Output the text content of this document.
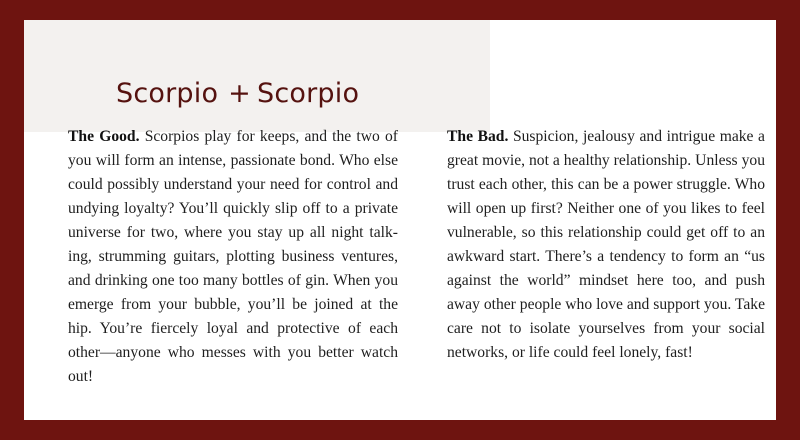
Scorpio + Scorpio
The Good. Scorpios play for keeps, and the two of you will form an intense, passionate bond. Who else could possibly understand your need for control and undying loyalty? You’ll quickly slip off to a private universe for two, where you stay up all night talking, strumming guitars, plotting business ventures, and drinking one too many bottles of gin. When you emerge from your bubble, you’ll be joined at the hip. You’re fiercely loyal and protective of each other—anyone who messes with you better watch out!
The Bad. Suspicion, jealousy and intrigue make a great movie, not a healthy relationship. Unless you trust each other, this can be a power struggle. Who will open up first? Neither one of you likes to feel vulnerable, so this relationship could get off to an awkward start. There’s a tendency to form an “us against the world” mindset here too, and push away other people who love and support you. Take care not to isolate yourselves from your social networks, or life could feel lonely, fast!
